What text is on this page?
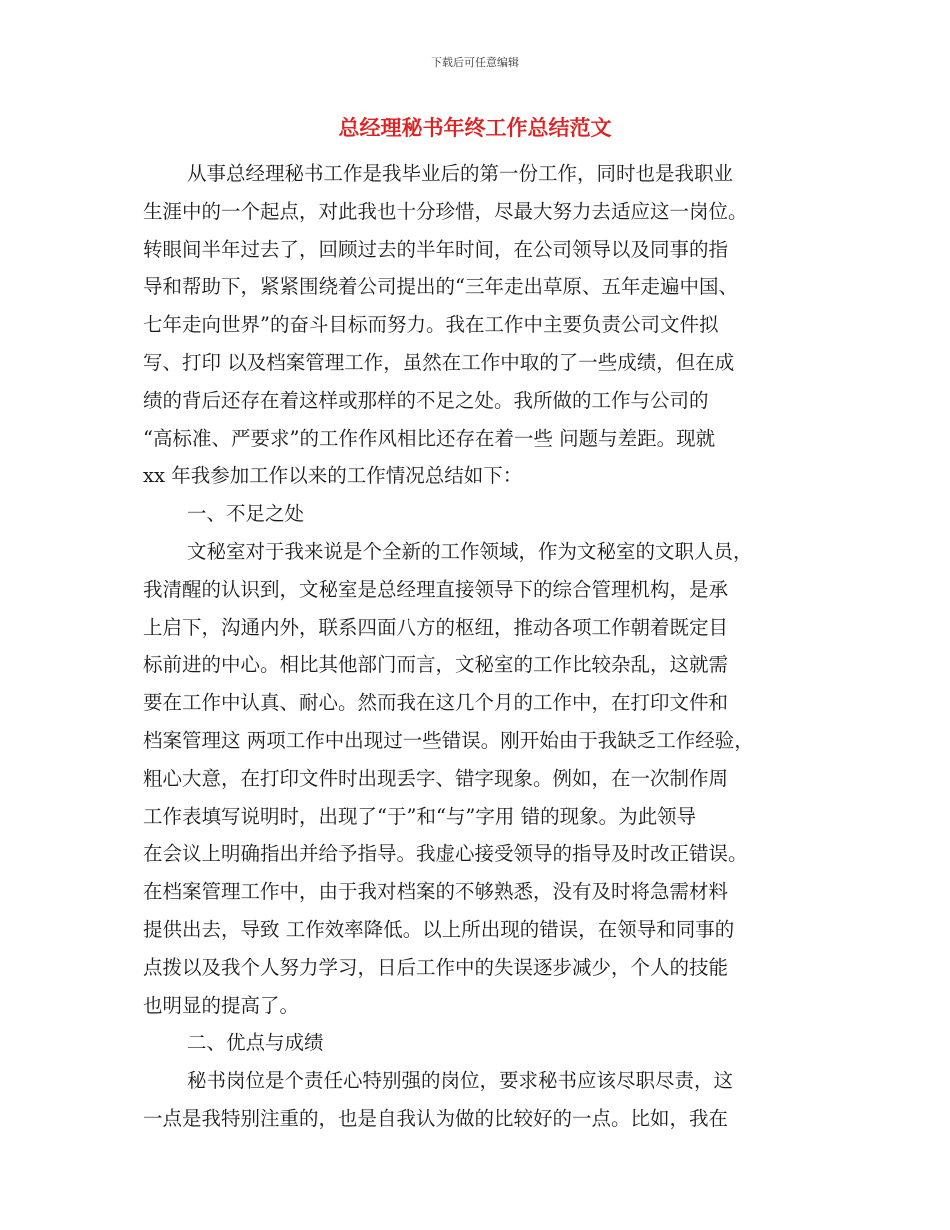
下载后可任意编辑
总经理秘书年终工作总结范文
从事总经理秘书工作是我毕业后的第一份工作，同时也是我职业
生涯中的一个起点，对此我也十分珍惜，尽最大努力去适应这一岗位。
转眼间半年过去了，回顾过去的半年时间，在公司领导以及同事的指
导和帮助下，紧紧围绕着公司提出的“三年走出草原、五年走遍中国、
七年走向世界”的奋斗目标而努力。我在工作中主要负责公司文件拟
写、打印 以及档案管理工作，虽然在工作中取的了一些成绩，但在成
绩的背后还存在着这样或那样的不足之处。我所做的工作与公司的
“高标准、严要求”的工作作风相比还存在着一些 问题与差距。现就
xx 年我参加工作以来的工作情况总结如下：
一、不足之处
文秘室对于我来说是个全新的工作领域，作为文秘室的文职人员，
我清醒的认识到，文秘室是总经理直接领导下的综合管理机构，是承
上启下，沟通内外，联系四面八方的枢纽，推动各项工作朝着既定目
标前进的中心。相比其他部门而言，文秘室的工作比较杂乱，这就需
要在工作中认真、耐心。然而我在这几个月的工作中，在打印文件和
档案管理这 两项工作中出现过一些错误。刚开始由于我缺乏工作经验，
粗心大意，在打印文件时出现丢字、错字现象。例如，在一次制作周
工作表填写说明时，出现了“于”和“与”字用 错的现象。为此领导
在会议上明确指出并给予指导。我虚心接受领导的指导及时改正错误。
在档案管理工作中，由于我对档案的不够熟悉，没有及时将急需材料
提供出去，导致 工作效率降低。以上所出现的错误，在领导和同事的
点拨以及我个人努力学习，日后工作中的失误逐步减少，个人的技能
也明显的提高了。
二、优点与成绩
秘书岗位是个责任心特别强的岗位，要求秘书应该尽职尽责，这
一点是我特别注重的，也是自我认为做的比较好的一点。比如，我在
